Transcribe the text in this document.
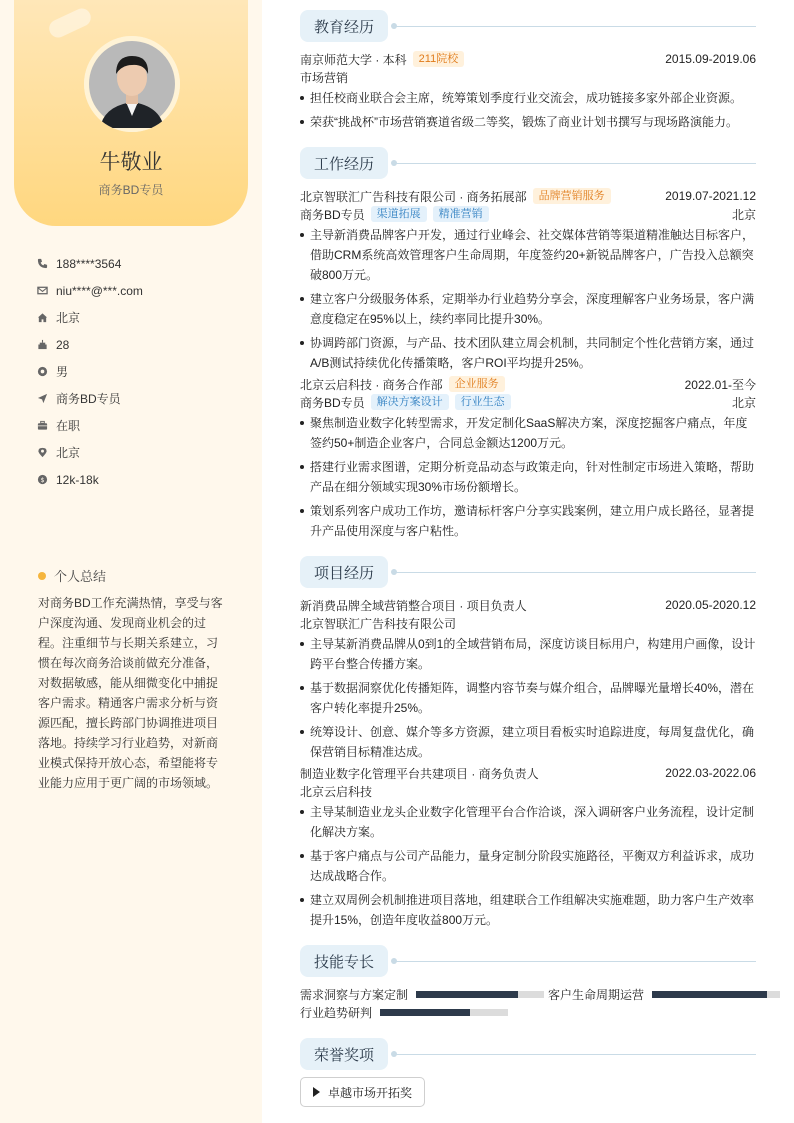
牛敬业
商务BD专员
188****3564
niu****@***.com
北京
28
男
商务BD专员
在职
北京
$ 12k-18k
个人总结
对商务BD工作充满热情，享受与客户深度沟通、发现商业机会的过程。注重细节与长期关系建立，习惯在每次商务洽谈前做充分准备，对数据敏感，能从细微变化中捕捉客户需求。精通客户需求分析与资源匹配，擅长跨部门协调推进项目落地。持续学习行业趋势，对新商业模式保持开放心态，希望能将专业能力应用于更广阔的市场领域。
教育经历
南京师范大学 · 本科	211院校	2015.09-2019.06
市场营销
担任校商业联合会主席，统筹策划季度行业交流会，成功链接多家外部企业资源。
荣获“挑战杯”市场营销赛道省级二等奖，锻炼了商业计划书撰写与现场路演能力。
工作经历
北京智联汇广告科技有限公司 · 商务拓展部	品牌营销服务	2019.07-2021.12
商务BD专员	渠道拓展	精准营销	北京
主导新消费品牌客户开发，通过行业峰会、社交媒体营销等渠道精准触达目标客户，借助CRM系统高效管理客户生命周期，年度签约20+新锐品牌客户，广告投入总额突破800万元。
建立客户分级服务体系，定期举办行业趋势分享会，深度理解客户业务场景，客户满意度稳定在95%以上，续约率同比提升30%。
协调跨部门资源，与产品、技术团队建立周会机制，共同制定个性化营销方案，通过A/B测试持续优化传播策略，客户ROI平均提升25%。
北京云启科技 · 商务合作部	企业服务	2022.01-至今
商务BD专员	解决方案设计	行业生态	北京
聚焦制造业数字化转型需求，开发定制化SaaS解决方案，深度挖掘客户痛点，年度签约50+制造企业客户，合同总金额达1200万元。
搭建行业需求图谱，定期分析竞品动态与政策走向，针对性制定市场进入策略，帮助产品在细分领域实现30%市场份额增长。
策划系列客户成功工作坊，邀请标杆客户分享实践案例，建立用户成长路径，显著提升产品使用深度与客户粘性。
项目经历
新消费品牌全域营销整合项目 · 项目负责人	2020.05-2020.12
北京智联汇广告科技有限公司
主导某新消费品牌从0到1的全域营销布局，深度访谈目标用户，构建用户画像，设计跨平台整合传播方案。
基于数据洞察优化传播矩阵，调整内容节奏与媒介组合，品牌曝光量增长40%，潜在客户转化率提升25%。
统筹设计、创意、媒介等多方资源，建立项目看板实时追踪进度，每周复盘优化，确保营销目标精准达成。
制造业数字化管理平台共建项目 · 商务负责人	2022.03-2022.06
北京云启科技
主导某制造业龙头企业数字化管理平台合作洽谈，深入调研客户业务流程，设计定制化解决方案。
基于客户痛点与公司产品能力，量身定制分阶段实施路径，平衡双方利益诉求，成功达成战略合作。
建立双周例会机制推进项目落地，组建联合工作组解决实施难题，助力客户生产效率提升15%，创造年度收益800万元。
技能专长
需求洞察与方案定制	客户生命周期运营
行业趋势研判
荣誉奖项
卓越市场开拓奖
